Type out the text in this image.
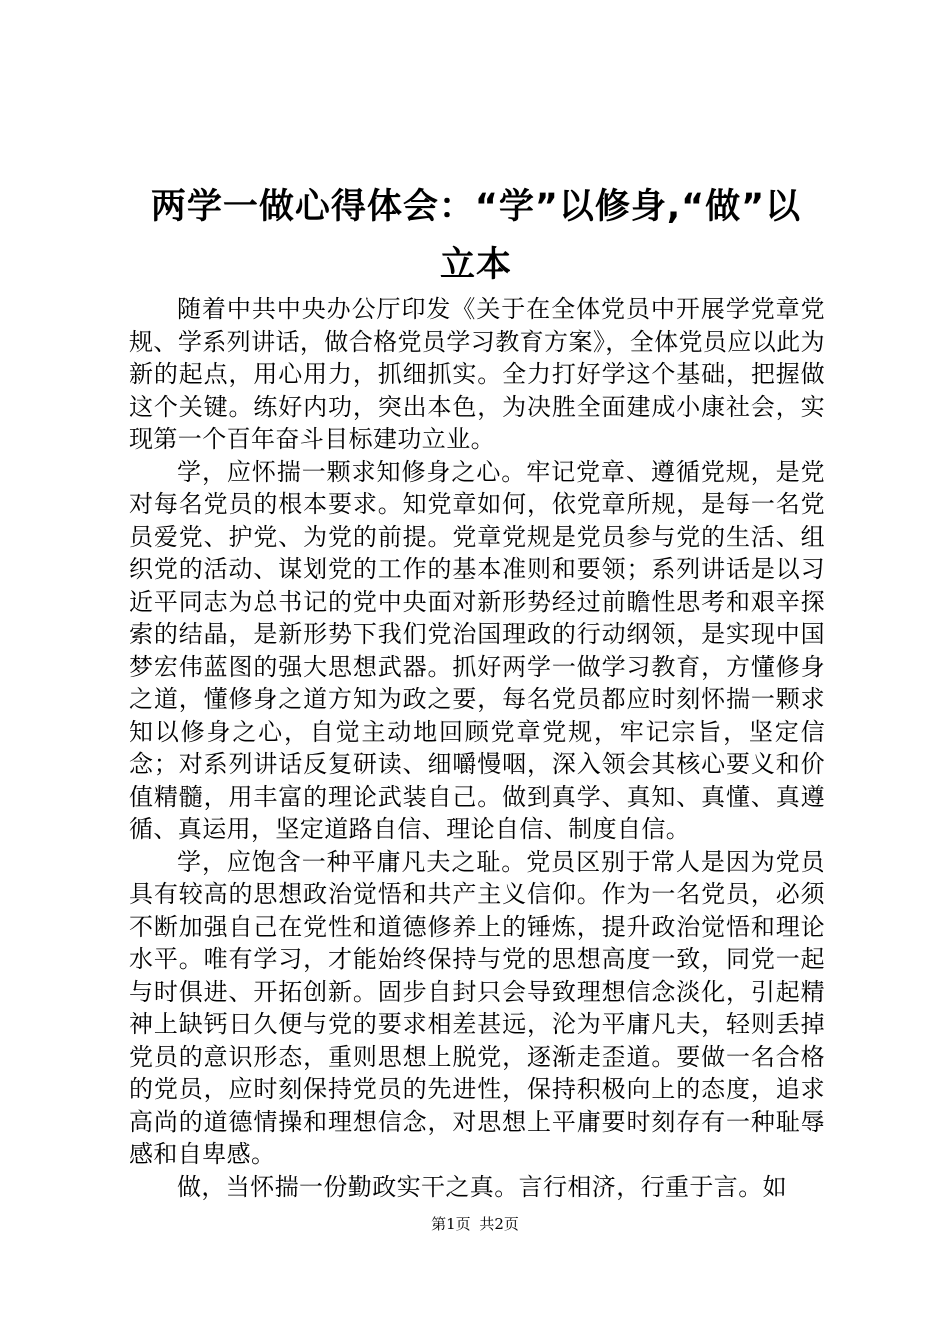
两学一做心得体会：“学”以修身,“做”以
立本

随着中共中央办公厅印发《关于在全体党员中开展学党章党规、学系列讲话，做合格党员学习教育方案》，全体党员应以此为新的起点，用心用力，抓细抓实。全力打好学这个基础，把握做这个关键。练好内功，突出本色，为决胜全面建成小康社会，实现第一个百年奋斗目标建功立业。

学，应怀揣一颗求知修身之心。牢记党章、遵循党规，是党对每名党员的根本要求。知党章如何，依党章所规，是每一名党员爱党、护党、为党的前提。党章党规是党员参与党的生活、组织党的活动、谋划党的工作的基本准则和要领；系列讲话是以习近平同志为总书记的党中央面对新形势经过前瞻性思考和艰辛探索的结晶，是新形势下我们党治国理政的行动纲领，是实现中国梦宏伟蓝图的强大思想武器。抓好两学一做学习教育，方懂修身之道，懂修身之道方知为政之要，每名党员都应时刻怀揣一颗求知以修身之心，自觉主动地回顾党章党规，牢记宗旨，坚定信念；对系列讲话反复研读、细嚼慢咽，深入领会其核心要义和价值精髓，用丰富的理论武装自己。做到真学、真知、真懂、真遵循、真运用，坚定道路自信、理论自信、制度自信。

学，应饱含一种平庸凡夫之耻。党员区别于常人是因为党员具有较高的思想政治觉悟和共产主义信仰。作为一名党员，必须不断加强自己在党性和道德修养上的锤炼，提升政治觉悟和理论水平。唯有学习，才能始终保持与党的思想高度一致，同党一起与时俱进、开拓创新。固步自封只会导致理想信念淡化，引起精神上缺钙日久便与党的要求相差甚远，沦为平庸凡夫，轻则丢掉党员的意识形态，重则思想上脱党，逐渐走歪道。要做一名合格的党员，应时刻保持党员的先进性，保持积极向上的态度，追求高尚的道德情操和理想信念，对思想上平庸要时刻存有一种耻辱感和自卑感。

做，当怀揣一份勤政实干之真。言行相济，行重于言。如

第1页 共2页
